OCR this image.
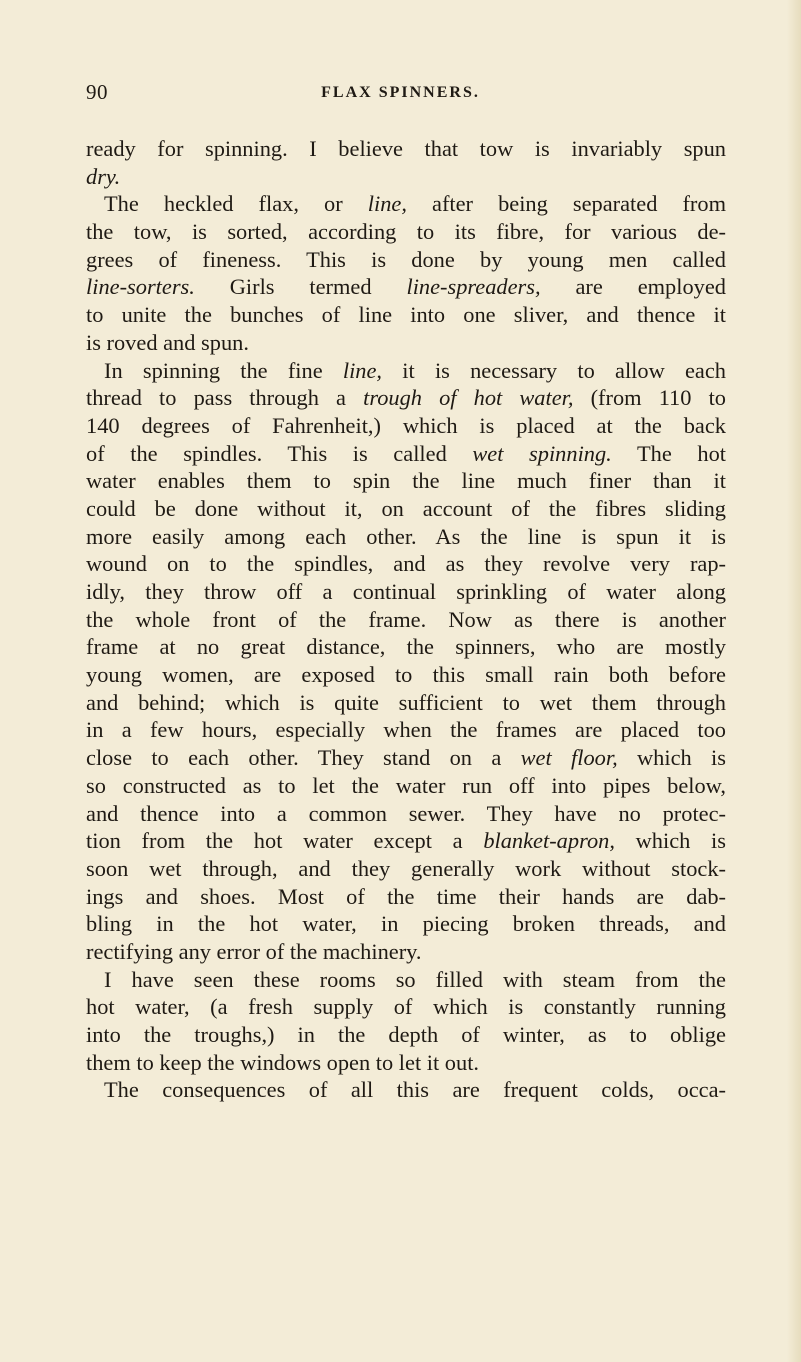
90	FLAX SPINNERS.
ready for spinning. I believe that tow is invariably spun
dry.
The heckled flax, or line, after being separated from
the tow, is sorted, according to its fibre, for various de-
grees of fineness. This is done by young men called
line-sorters. Girls termed line-spreaders, are employed
to unite the bunches of line into one sliver, and thence it
is roved and spun.
In spinning the fine line, it is necessary to allow each
thread to pass through a trough of hot water, (from 110 to
140 degrees of Fahrenheit,) which is placed at the back
of the spindles. This is called wet spinning. The hot
water enables them to spin the line much finer than it
could be done without it, on account of the fibres sliding
more easily among each other. As the line is spun it is
wound on to the spindles, and as they revolve very rap-
idly, they throw off a continual sprinkling of water along
the whole front of the frame. Now as there is another
frame at no great distance, the spinners, who are mostly
young women, are exposed to this small rain both before
and behind; which is quite sufficient to wet them through
in a few hours, especially when the frames are placed too
close to each other. They stand on a wet floor, which is
so constructed as to let the water run off into pipes below,
and thence into a common sewer. They have no protec-
tion from the hot water except a blanket-apron, which is
soon wet through, and they generally work without stock-
ings and shoes. Most of the time their hands are dab-
bling in the hot water, in piecing broken threads, and
rectifying any error of the machinery.
I have seen these rooms so filled with steam from the
hot water, (a fresh supply of which is constantly running
into the troughs,) in the depth of winter, as to oblige
them to keep the windows open to let it out.
The consequences of all this are frequent colds, occa-
